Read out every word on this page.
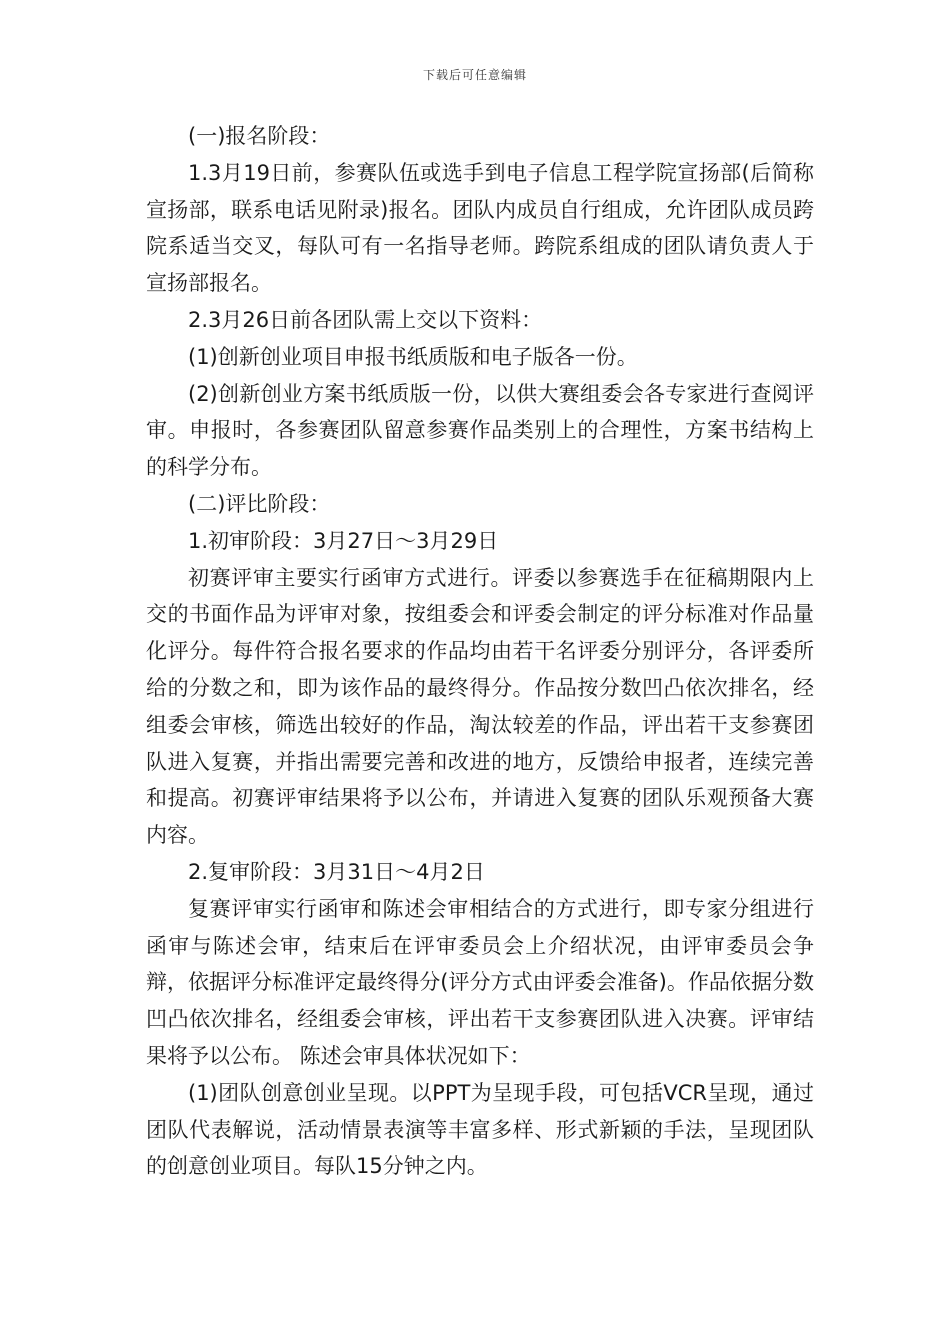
下载后可任意编辑

(一)报名阶段：

1.3月19日前，参赛队伍或选手到电子信息工程学院宣扬部(后简称宣扬部，联系电话见附录)报名。团队内成员自行组成，允许团队成员跨院系适当交叉，每队可有一名指导老师。跨院系组成的团队请负责人于宣扬部报名。

2.3月26日前各团队需上交以下资料：

(1)创新创业项目申报书纸质版和电子版各一份。

(2)创新创业方案书纸质版一份，以供大赛组委会各专家进行查阅评审。申报时，各参赛团队留意参赛作品类别上的合理性，方案书结构上的科学分布。

(二)评比阶段：

1.初审阶段：3月27日～3月29日

初赛评审主要实行函审方式进行。评委以参赛选手在征稿期限内上交的书面作品为评审对象，按组委会和评委会制定的评分标准对作品量化评分。每件符合报名要求的作品均由若干名评委分别评分，各评委所给的分数之和，即为该作品的最终得分。作品按分数凹凸依次排名，经组委会审核，筛选出较好的作品，淘汰较差的作品，评出若干支参赛团队进入复赛，并指出需要完善和改进的地方，反馈给申报者，连续完善和提高。初赛评审结果将予以公布，并请进入复赛的团队乐观预备大赛内容。

2.复审阶段：3月31日～4月2日

复赛评审实行函审和陈述会审相结合的方式进行，即专家分组进行函审与陈述会审，结束后在评审委员会上介绍状况，由评审委员会争辩，依据评分标准评定最终得分(评分方式由评委会准备)。作品依据分数凹凸依次排名，经组委会审核，评出若干支参赛团队进入决赛。评审结果将予以公布。 陈述会审具体状况如下：

(1)团队创意创业呈现。以PPT为呈现手段，可包括VCR呈现，通过团队代表解说，活动情景表演等丰富多样、形式新颖的手法，呈现团队的创意创业项目。每队15分钟之内。
